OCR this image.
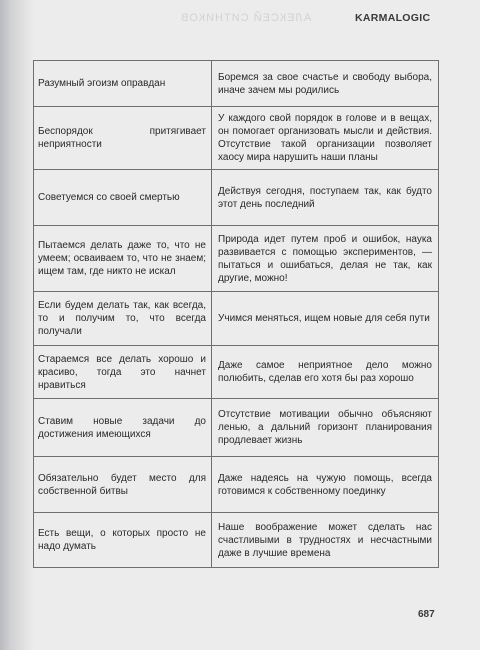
АЛЕКСЕЙ СИТНИКОВ	KARMALOGIC
Разумный эгоизм оправдан	Боремся за свое счастье и свободу выбора, иначе зачем мы родились
Беспорядок притягивает неприятности	У каждого свой порядок в голове и в вещах, он помогает организовать мысли и действия. Отсутствие такой организации позволяет хаосу мира нарушить наши планы
Советуемся со своей смертью	Действуя сегодня, поступаем так, как будто этот день последний
Пытаемся делать даже то, что не умеем; осваиваем то, что не знаем; ищем там, где никто не искал	Природа идет путем проб и ошибок, наука развивается с помощью экспериментов, — пытаться и ошибаться, делая не так, как другие, можно!
Если будем делать так, как всегда, то и получим то, что всегда получали	Учимся меняться, ищем новые для себя пути
Стараемся все делать хорошо и красиво, тогда это начнет нравиться	Даже самое неприятное дело можно полюбить, сделав его хотя бы раз хорошо
Ставим новые задачи до достижения имеющихся	Отсутствие мотивации обычно объясняют ленью, а дальний горизонт планирования продлевает жизнь
Обязательно будет место для собственной битвы	Даже надеясь на чужую помощь, всегда готовимся к собственному поединку
Есть вещи, о которых просто не надо думать	Наше воображение может сделать нас счастливыми в трудностях и несчастными даже в лучшие времена
687
